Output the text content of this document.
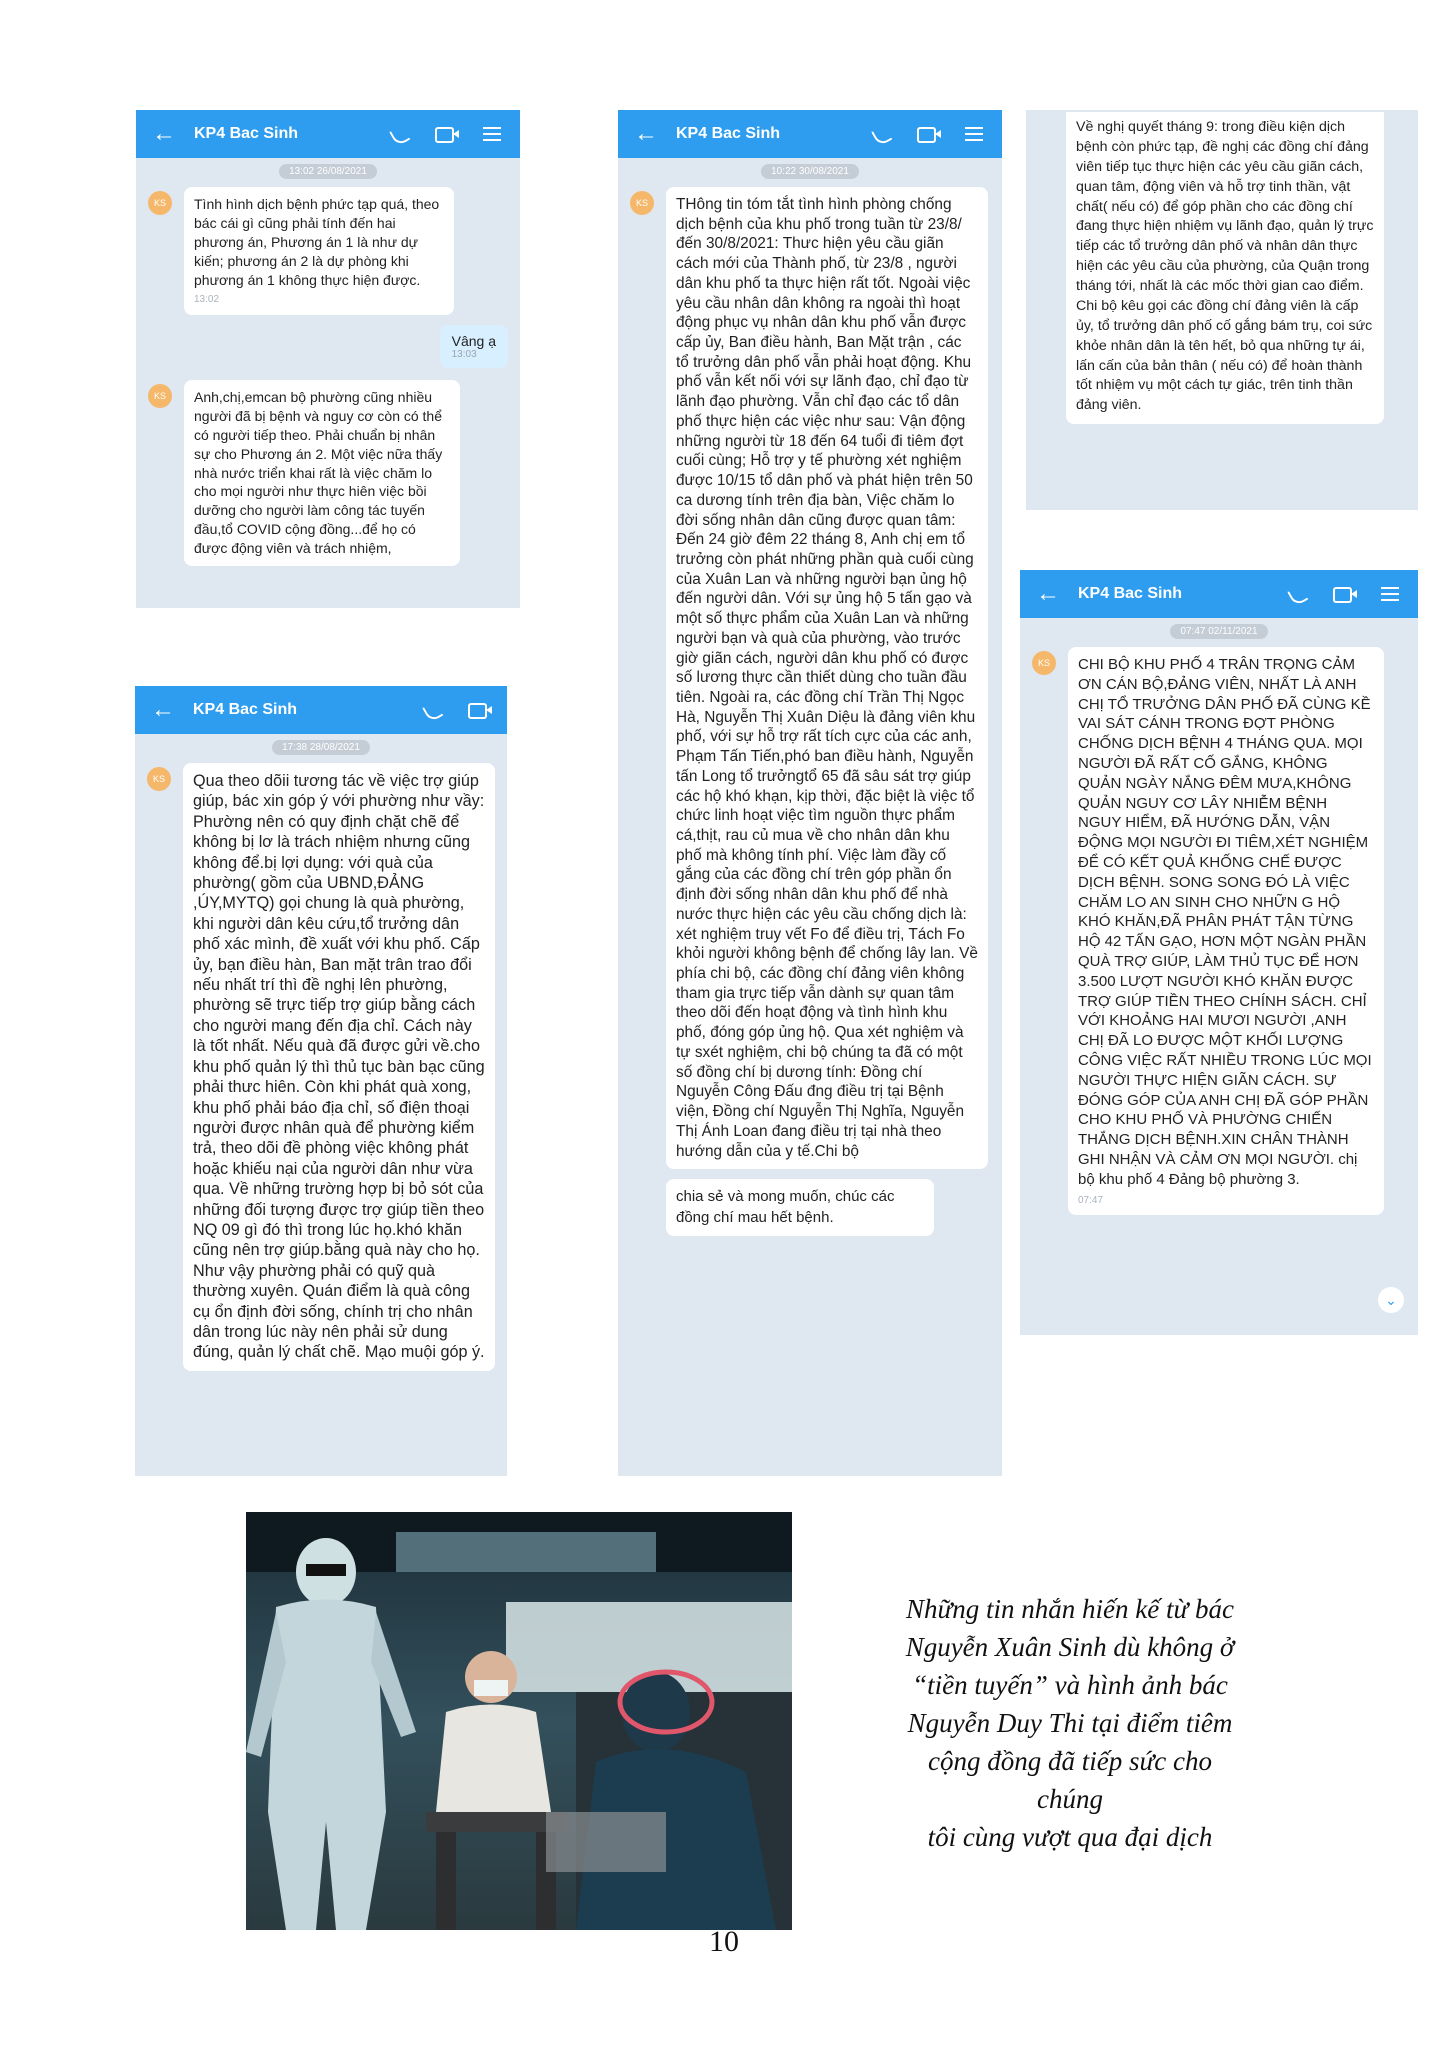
← KP4 Bac Sinh
13:02 26/08/2021
KS	Tình hình dịch bệnh phức tạp quá, theo bác cái gì cũng phải tính đến hai phương án, Phương án 1 là như dự kiến; phương án 2 là dự phòng khi phương án 1 không thực hiện được.
13:02
Vâng ạ
13:03
KS	Anh,chị,emcan bộ phường cũng nhiều người đã bị bệnh và nguy cơ còn có thể có người tiếp theo. Phải chuẩn bị nhân sự cho Phương án 2. Một việc nữa thấy nhà nước triển khai rất là việc chăm lo cho mọi người như thực hiên việc bồi dưỡng cho người làm công tác tuyến đầu,tổ COVID cộng đồng...để họ có được động viên và trách nhiệm,
← KP4 Bac Sinh
17:38 28/08/2021
KS	Qua theo dõii tương tác về việc trợ giúp giúp, bác xin góp ý với phường như vầy: Phường nên có quy định chặt chẽ để không bị lơ là trách nhiệm nhưng cũng không để.bị lợi dụng: với quà của phường( gồm của UBND,ĐẢNG ,ÚY,MYTQ) gọi chung là quà phường, khi người dân kêu cứu,tổ trưởng dân phố xác mình, đề xuất với khu phố. Cấp ủy, bạn điều hàn, Ban mặt trân trao đổi nếu nhất trí thì đề nghị lên phường, phường sẽ trực tiếp trợ giúp bằng cách cho người mang đến địa chỉ. Cách này là tốt nhất. Nếu quà đã được gửi về.cho khu phố quản lý thì thủ tục bàn bạc cũng phải thưc hiên. Còn khi phát quà xong, khu phố phải báo địa chỉ, số điện thoại người được nhân quà để phường kiểm trả, theo dõi đề phòng việc không phát hoặc khiếu nại của người dân như vừa qua. Về những trường hợp bị bỏ sót của những đối tượng được trợ giúp tiền theo NQ 09 gì đó thì trong lúc họ.khó khăn cũng nên trợ giúp.bằng quà này cho họ. Như vậy phường phải có quỹ quà thường xuyên. Quán điểm là quà công cụ ổn định đời sống, chính trị cho nhân dân trong lúc này nên phải sử dung đúng, quản lý chất chẽ. Mạo muội góp ý.
← KP4 Bac Sinh
10:22 30/08/2021
KS	THông tin tóm tắt tình hình phòng chống dịch bệnh của khu phố trong tuần từ 23/8/đến 30/8/2021: Thưc hiện yêu cầu giãn cách mới của Thành phố, từ 23/8 , người dân khu phố ta thực hiện rất tốt. Ngoài việc yêu cầu nhân dân không ra ngoài thì hoạt động phục vụ nhân dân khu phố vẫn được cấp ủy, Ban điều hành, Ban Mặt trận , các tổ trưởng dân phố vẫn phải hoạt động. Khu phố vẫn kết nối với sự lãnh đạo, chỉ đạo từ lãnh đạo phường. Vẫn chỉ đạo các tổ dân phố thực hiện các việc như sau: Vận động những người từ 18 đến 64 tuổi đi tiêm đợt cuối cùng; Hỗ trợ y tế phường xét nghiệm được 10/15 tổ dân phố và phát hiện trên 50 ca dương tính trên địa bàn, Việc chăm lo đời sống nhân dân cũng được quan tâm: Đến 24 giờ đêm 22 tháng 8, Anh chị em tổ trưởng còn phát những phần quà cuối cùng của Xuân Lan và những người bạn ủng hộ đến người dân. Với sự ủng hộ 5 tấn gạo và một số thực phẩm của Xuân Lan và những người bạn và quà của phường, vào trước giờ giãn cách, người dân khu phố có được số lương thực cần thiết dùng cho tuần đầu tiên. Ngoài ra, các đồng chí Trần Thị Ngọc Hà, Nguyễn Thị Xuân Diệu là đảng viên khu phố, với sự hỗ trợ rất tích cực của các anh, Phạm Tấn Tiến,phó ban điều hành, Nguyễn tấn Long tổ trưởngtổ 65 đã sâu sát trợ giúp các hộ khó khạn, kịp thời, đặc biệt là việc tổ chức linh hoạt việc tìm nguồn thực phẩm cá,thịt, rau củ mua về cho nhân dân khu phố mà không tính phí. Việc làm đầy cố gắng của các đồng chí trên góp phần ổn định đời sống nhân dân khu phố để nhà nước thực hiện các yêu cầu chống dịch là: xét nghiệm truy vết Fo để điều trị, Tách Fo khỏi người không bệnh để chống lây lan. Về phía chi bộ, các đồng chí đảng viên không tham gia trực tiếp vẫn dành sự quan tâm theo dõi đến hoạt động và tình hình khu phố, đóng góp ủng hộ. Qua xét nghiệm và tự sxét nghiệm, chi bộ chúng ta đã có một số đồng chí bị dương tính: Đồng chí Nguyễn Công Đấu đng điều trị tại Bệnh viện, Đồng chí Nguyễn Thị Nghĩa, Nguyễn Thị Ánh Loan đang điều trị tại nhà theo hướng dẫn của y tế.Chi bộ
chia sẻ và mong muốn, chúc các đồng chí mau hết bệnh.
Về nghị quyết tháng 9: trong điều kiện dịch bệnh còn phức tạp, đề nghị các đồng chí đảng viên tiếp tục thực hiện các yêu cầu giãn cách, quan tâm, động viên và hỗ trợ tinh thần, vật chất( nếu có) để góp phần cho các đồng chí đang thực hiện nhiệm vụ lãnh đạo, quản lý trực tiếp các tổ trưởng dân phố và nhân dân thực hiện các yêu cầu của phường, của Quận trong tháng tới, nhất là các mốc thời gian cao điểm. Chi bộ kêu gọi các đồng chí đảng viên là cấp ủy, tổ trưởng dân phố cố gắng bám trụ, coi sức khỏe nhân dân là tên hết, bỏ qua những tự ái, lấn cấn của bản thân ( nếu có) để hoàn thành tốt nhiệm vụ một cách tự giác, trên tinh thần đảng viên.
← KP4 Bac Sinh
07:47 02/11/2021
KS	CHI BỘ KHU PHỐ 4 TRÂN TRỌNG CẢM ƠN CÁN BỘ,ĐẢNG VIÊN, NHẤT LÀ ANH CHỊ TỔ TRƯỞNG DÂN PHỐ ĐÃ CÙNG KỀ VAI SÁT CÁNH TRONG ĐỢT PHÒNG CHỐNG DỊCH BỆNH 4 THÁNG QUA. MỌI NGƯỜI ĐÃ RẤT CỐ GẮNG, KHÔNG QUẢN NGÀY NẮNG ĐÊM MƯA,KHÔNG QUẢN NGUY CƠ LÂY NHIỄM BỆNH NGUY HIỂM, ĐÃ HƯỚNG DẪN, VẬN ĐỘNG MỌI NGƯỜI ĐI TIÊM,XÉT NGHIỆM ĐỂ CÓ KẾT QUẢ KHỐNG CHẾ ĐƯỢC DỊCH BỆNH. SONG SONG ĐÓ LÀ VIỆC CHĂM LO AN SINH CHO NHỮN G HỘ KHÓ KHĂN,ĐÃ PHÂN PHÁT TẬN TỪNG HỘ 42 TẤN GẠO, HƠN MỘT NGÀN PHẦN QUÀ TRỢ GIÚP, LÀM THỦ TỤC ĐỂ HƠN 3.500 LƯỢT NGƯỜI KHÓ KHĂN ĐƯỢC TRỢ GIÚP TIỀN THEO CHÍNH SÁCH. CHỈ VỚI KHOẢNG HAI MƯƠI NGƯỜI ,ANH CHỊ ĐÃ LO ĐƯỢC MỘT KHỐI LƯỢNG CÔNG VIỆC RẤT NHIỀU TRONG LÚC MỌI NGƯỜI THỰC HIỆN GIÃN CÁCH. SỰ ĐÓNG GÓP CỦA ANH CHỊ ĐÃ GÓP PHẦN CHO KHU PHỐ VÀ PHƯỜNG CHIẾN THẮNG DỊCH BỆNH.XIN CHÂN THÀNH GHI NHẬN VÀ CẢM ƠN MỌI NGƯỜI. chị bộ khu phố 4 Đảng bộ phường 3.
07:47
⌄
Những tin nhắn hiến kế từ bác
Nguyễn Xuân Sinh dù không ở
“tiền tuyến” và hình ảnh bác
Nguyễn Duy Thi tại điểm tiêm
cộng đồng đã tiếp sức cho chúng
tôi cùng vượt qua đại dịch
10
